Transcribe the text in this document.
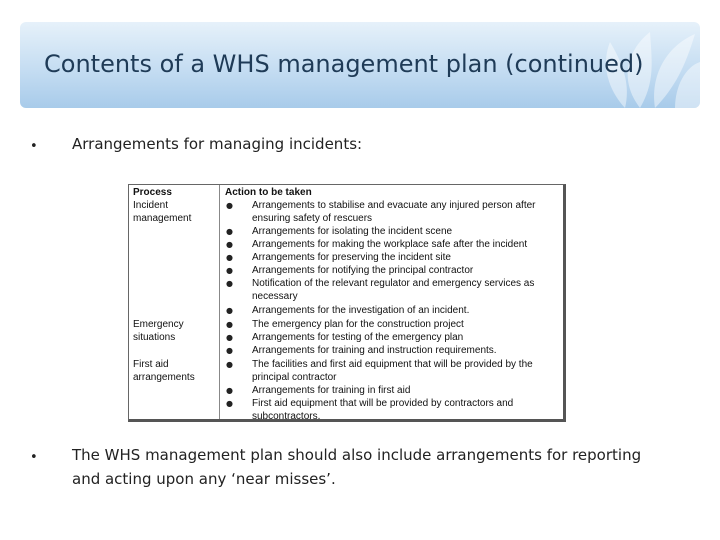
Contents of a WHS management plan (continued)
• Arrangements for managing incidents:
Process	Action to be taken
Incident management
Emergency situations
First aid arrangements
● Arrangements to stabilise and evacuate any injured person after ensuring safety of rescuers
● Arrangements for isolating the incident scene
● Arrangements for making the workplace safe after the incident
● Arrangements for preserving the incident site
● Arrangements for notifying the principal contractor
● Notification of the relevant regulator and emergency services as necessary
● Arrangements for the investigation of an incident.
● The emergency plan for the construction project
● Arrangements for testing of the emergency plan
● Arrangements for training and instruction requirements.
● The facilities and first aid equipment that will be provided by the principal contractor
● Arrangements for training in first aid
● First aid equipment that will be provided by contractors and subcontractors.
• The WHS management plan should also include arrangements for reporting and acting upon any ‘near misses’.
